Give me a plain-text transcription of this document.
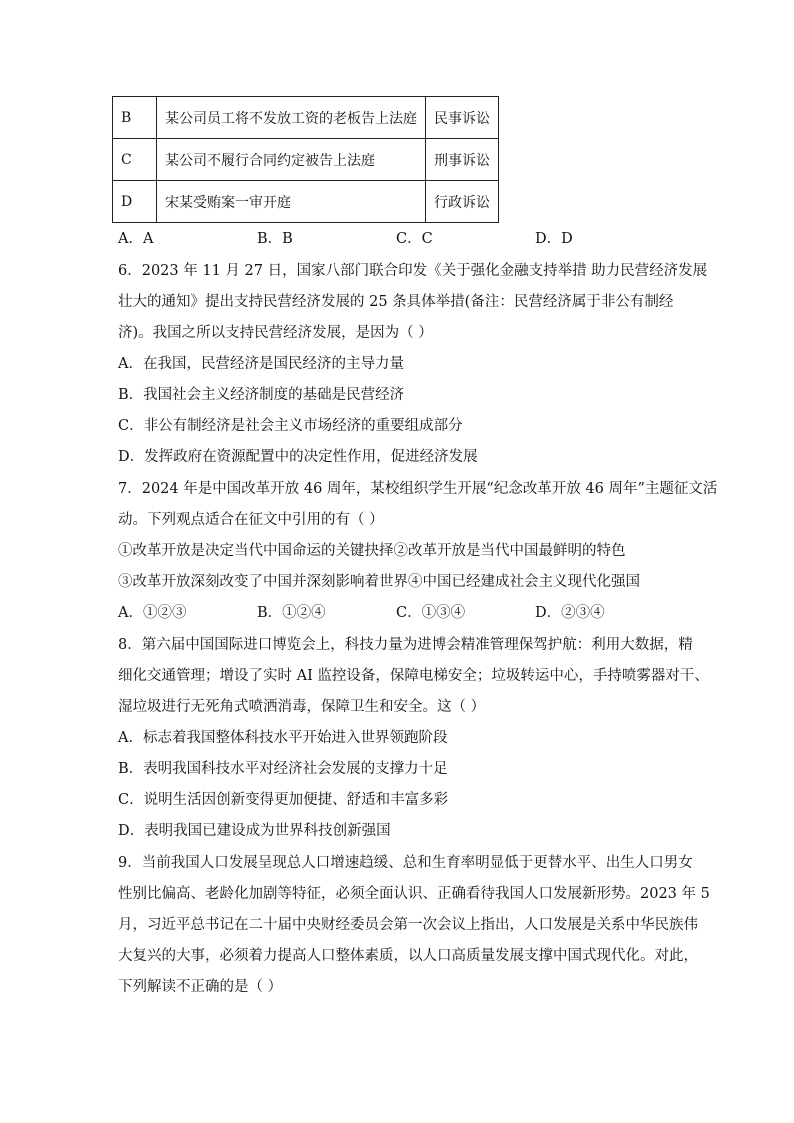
B	某公司员工将不发放工资的老板告上法庭	民事诉讼
C	某公司不履行合同约定被告上法庭	刑事诉讼
D	宋某受贿案一审开庭	行政诉讼
A．A	B．B	C．C	D．D
6．2023 年 11 月 27 日，国家八部门联合印发《关于强化金融支持举措 助力民营经济发展
壮大的通知》提出支持民营经济发展的 25 条具体举措(备注：民营经济属于非公有制经
济)。我国之所以支持民营经济发展，是因为（ ）
A．在我国，民营经济是国民经济的主导力量
B．我国社会主义经济制度的基础是民营经济
C．非公有制经济是社会主义市场经济的重要组成部分
D．发挥政府在资源配置中的决定性作用，促进经济发展
7．2024 年是中国改革开放 46 周年，某校组织学生开展“纪念改革开放 46 周年”主题征文活
动。下列观点适合在征文中引用的有（ ）
①改革开放是决定当代中国命运的关键抉择②改革开放是当代中国最鲜明的特色
③改革开放深刻改变了中国并深刻影响着世界④中国已经建成社会主义现代化强国
A．①②③	B．①②④	C．①③④	D．②③④
8．第六届中国国际进口博览会上，科技力量为进博会精准管理保驾护航：利用大数据，精
细化交通管理；增设了实时 AI 监控设备，保障电梯安全；垃圾转运中心，手持喷雾器对干、
湿垃圾进行无死角式喷洒消毒，保障卫生和安全。这（ ）
A．标志着我国整体科技水平开始进入世界领跑阶段
B．表明我国科技水平对经济社会发展的支撑力十足
C．说明生活因创新变得更加便捷、舒适和丰富多彩
D．表明我国已建设成为世界科技创新强国
9．当前我国人口发展呈现总人口增速趋缓、总和生育率明显低于更替水平、出生人口男女
性别比偏高、老龄化加剧等特征，必须全面认识、正确看待我国人口发展新形势。2023 年 5
月，习近平总书记在二十届中央财经委员会第一次会议上指出，人口发展是关系中华民族伟
大复兴的大事，必须着力提高人口整体素质，以人口高质量发展支撑中国式现代化。对此，
下列解读不正确的是（ ）
